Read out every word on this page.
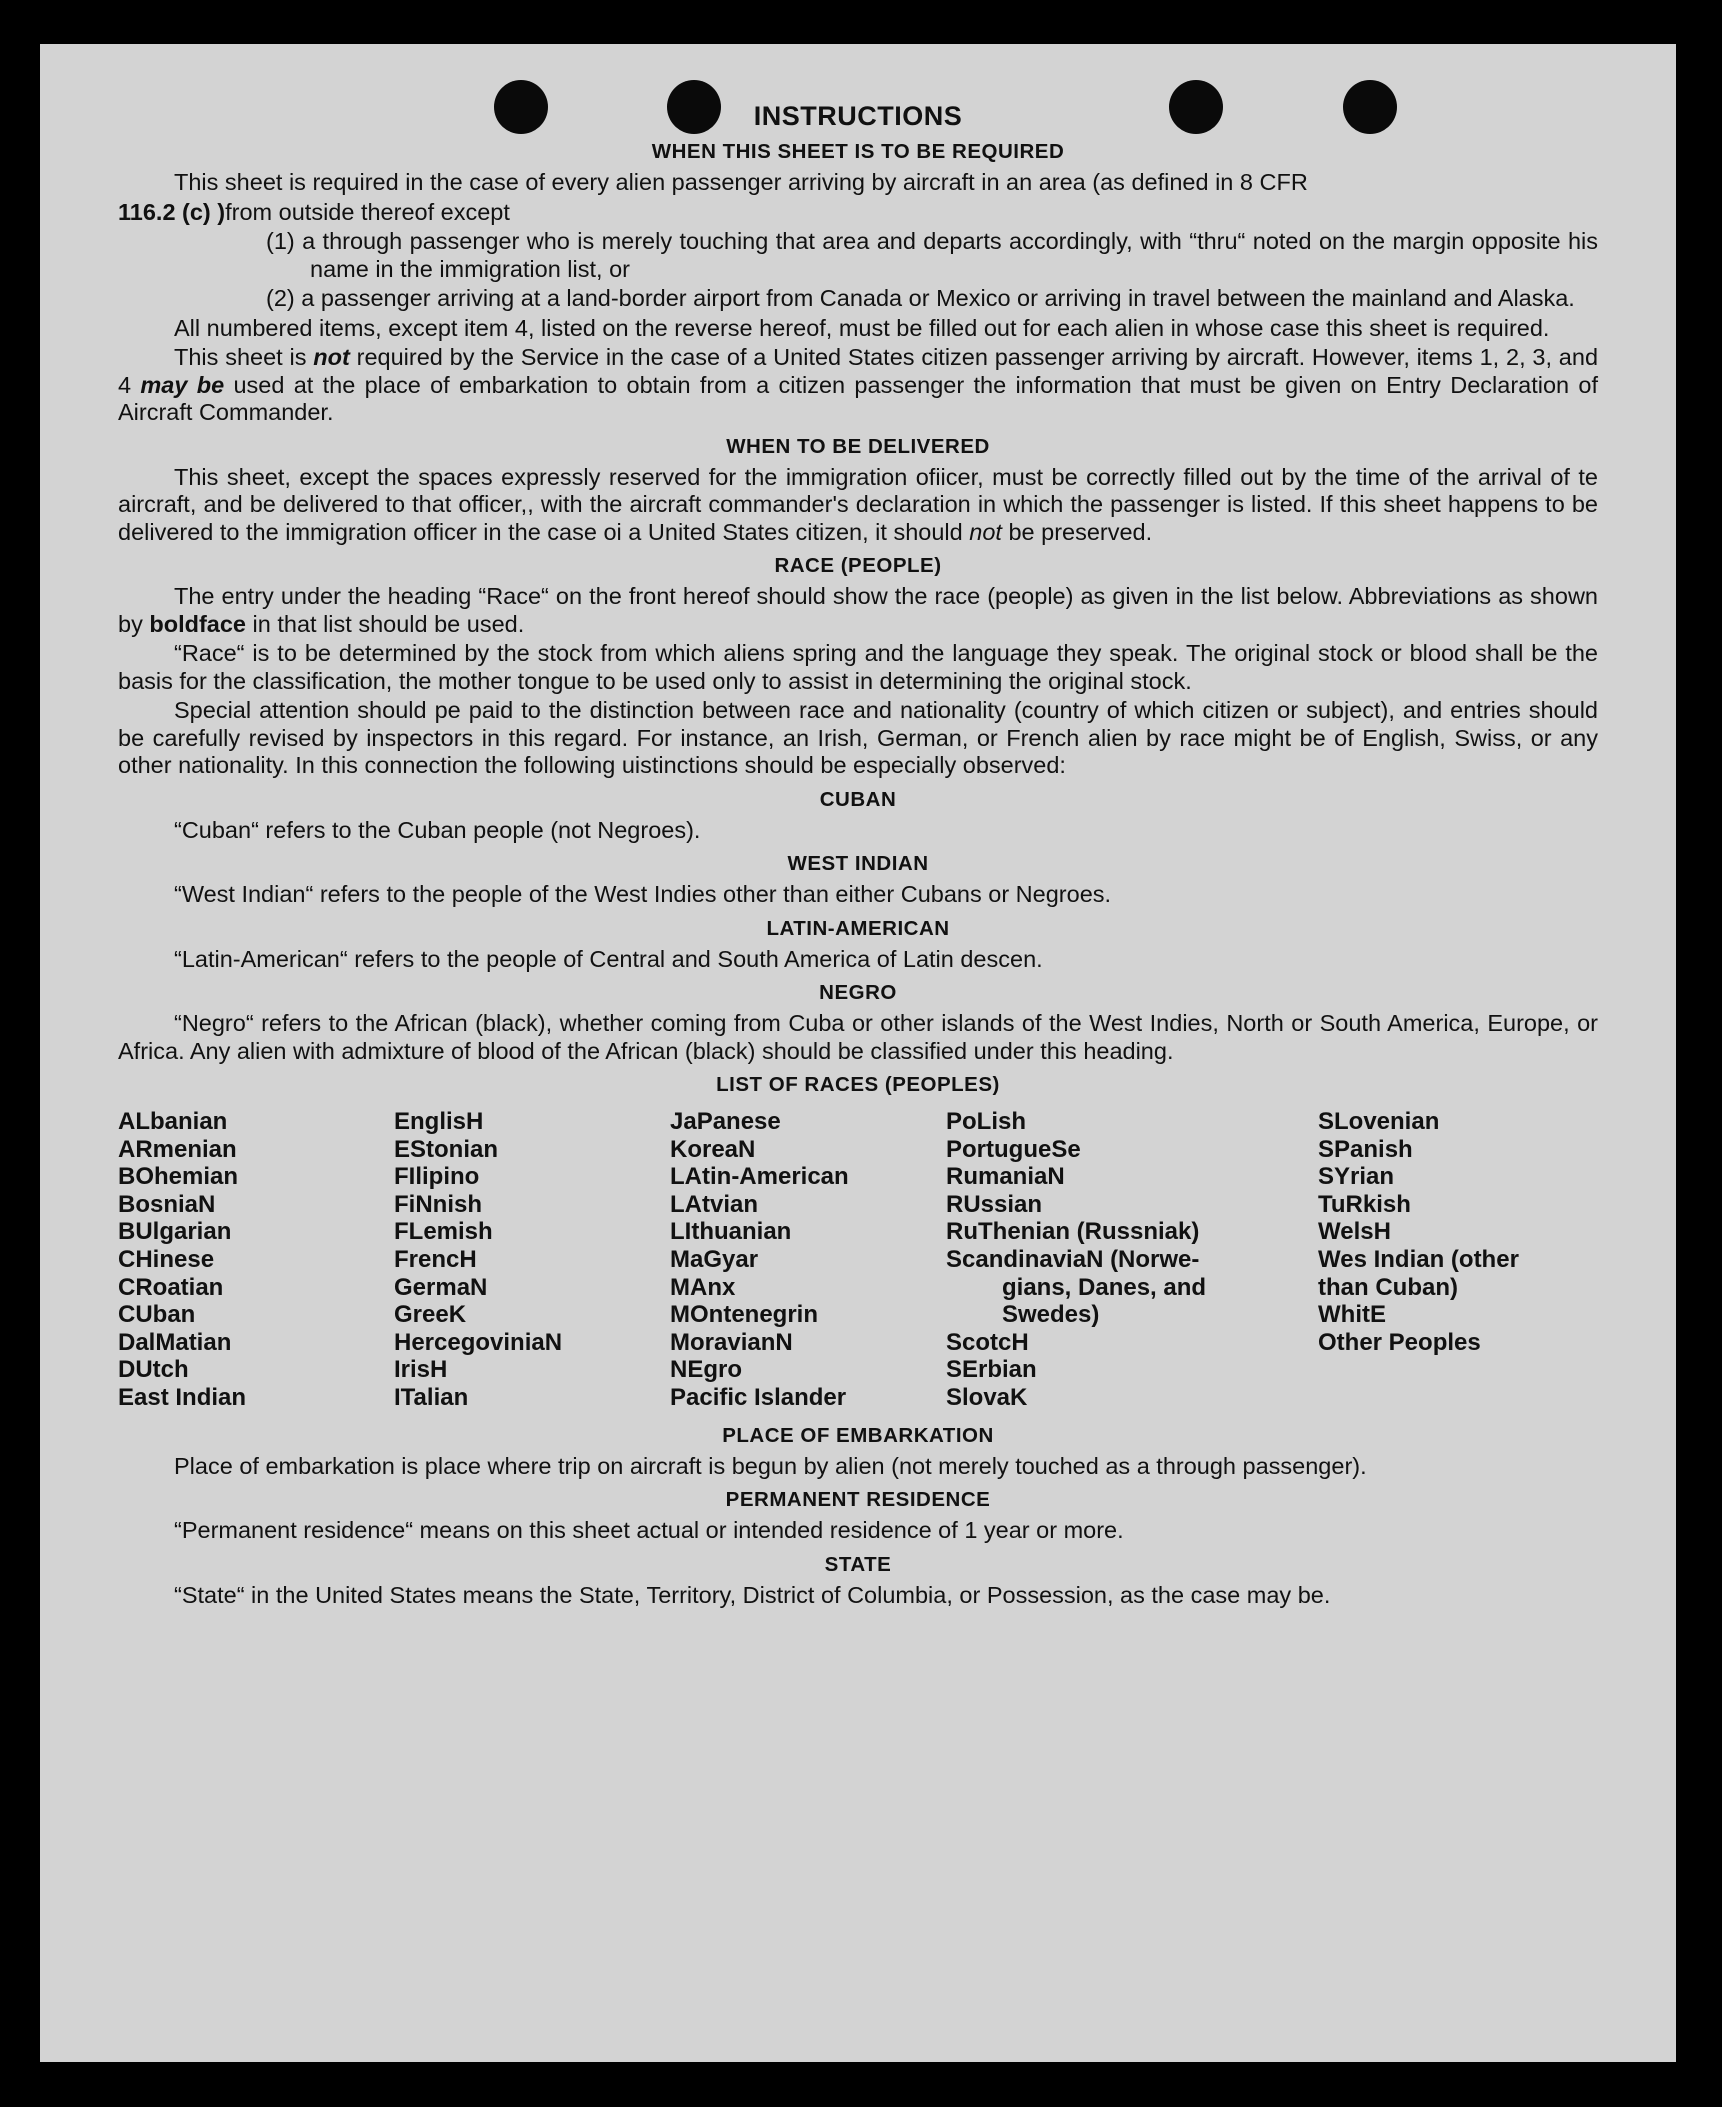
INSTRUCTIONS
WHEN THIS SHEET IS TO BE REQUIRED

This sheet is required in the case of every alien passenger arriving by aircraft in an area (as defined in 8 CFR

116.2 (c) )from outside thereof except

(1) a through passenger who is merely touching that area and departs accordingly, with “thru“ noted on the margin opposite his name in the immigration list, or

(2) a passenger arriving at a land-border airport from Canada or Mexico or arriving in travel between the mainland and Alaska.

All numbered items, except item 4, listed on the reverse hereof, must be filled out for each alien in whose case this sheet is required.

This sheet is not required by the Service in the case of a United States citizen passenger arriving by aircraft. However, items 1, 2, 3, and 4 may be used at the place of embarkation to obtain from a citizen passenger the information that must be given on Entry Declaration of Aircraft Commander.

WHEN TO BE DELIVERED

This sheet, except the spaces expressly reserved for the immigration ofiicer, must be correctly filled out by the time of the arrival of te aircraft, and be delivered to that officer,, with the aircraft commander's declaration in which the passenger is listed. If this sheet happens to be delivered to the immigration officer in the case oi a United States citizen, it should not be preserved.

RACE (PEOPLE)

The entry under the heading “Race“ on the front hereof should show the race (people) as given in the list below. Abbreviations as shown by boldface in that list should be used.

“Race“ is to be determined by the stock from which aliens spring and the language they speak. The original stock or blood shall be the basis for the classification, the mother tongue to be used only to assist in determining the original stock.

Special attention should pe paid to the distinction between race and nationality (country of which citizen or subject), and entries should be carefully revised by inspectors in this regard. For instance, an Irish, German, or French alien by race might be of English, Swiss, or any other nationality. In this connection the following uistinctions should be especially observed:

CUBAN

“Cuban“ refers to the Cuban people (not Negroes).

WEST INDIAN

“West Indian“ refers to the people of the West Indies other than either Cubans or Negroes.

LATIN-AMERICAN

“Latin-American“ refers to the people of Central and South America of Latin descen.

NEGRO

“Negro“ refers to the African (black), whether coming from Cuba or other islands of the West Indies, North or South America, Europe, or Africa. Any alien with admixture of blood of the African (black) should be classified under this heading.

LIST OF RACES (PEOPLES)
ALbanian
ARmenian
BOhemian
BosniaN
BUlgarian
CHinese
CRoatian
CUban
DalMatian
DUtch
East Indian
EnglisH
EStonian
FIlipino
FiNnish
FLemish
FrencH
GermaN
GreeK
HercegoviniaN
IrisH
ITalian
JaPanese
KoreaN
LAtin-American
LAtvian
LIthuanian
MaGyar
MAnx
MOntenegrin
MoravianN
NEgro
Pacific Islander
PoLish
PortugueSe
RumaniaN
RUssian
RuThenian (Russniak)
ScandinaviaN (Norwe-
gians, Danes, and
Swedes)
ScotcH
SErbian
SlovaK
SLovenian
SPanish
SYrian
TuRkish
WelsH
Wes Indian (other
than Cuban)
WhitE
Other Peoples
PLACE OF EMBARKATION

Place of embarkation is place where trip on aircraft is begun by alien (not merely touched as a through passenger).

PERMANENT RESIDENCE

“Permanent residence“ means on this sheet actual or intended residence of 1 year or more.

STATE

“State“ in the United States means the State, Territory, District of Columbia, or Possession, as the case may be.
